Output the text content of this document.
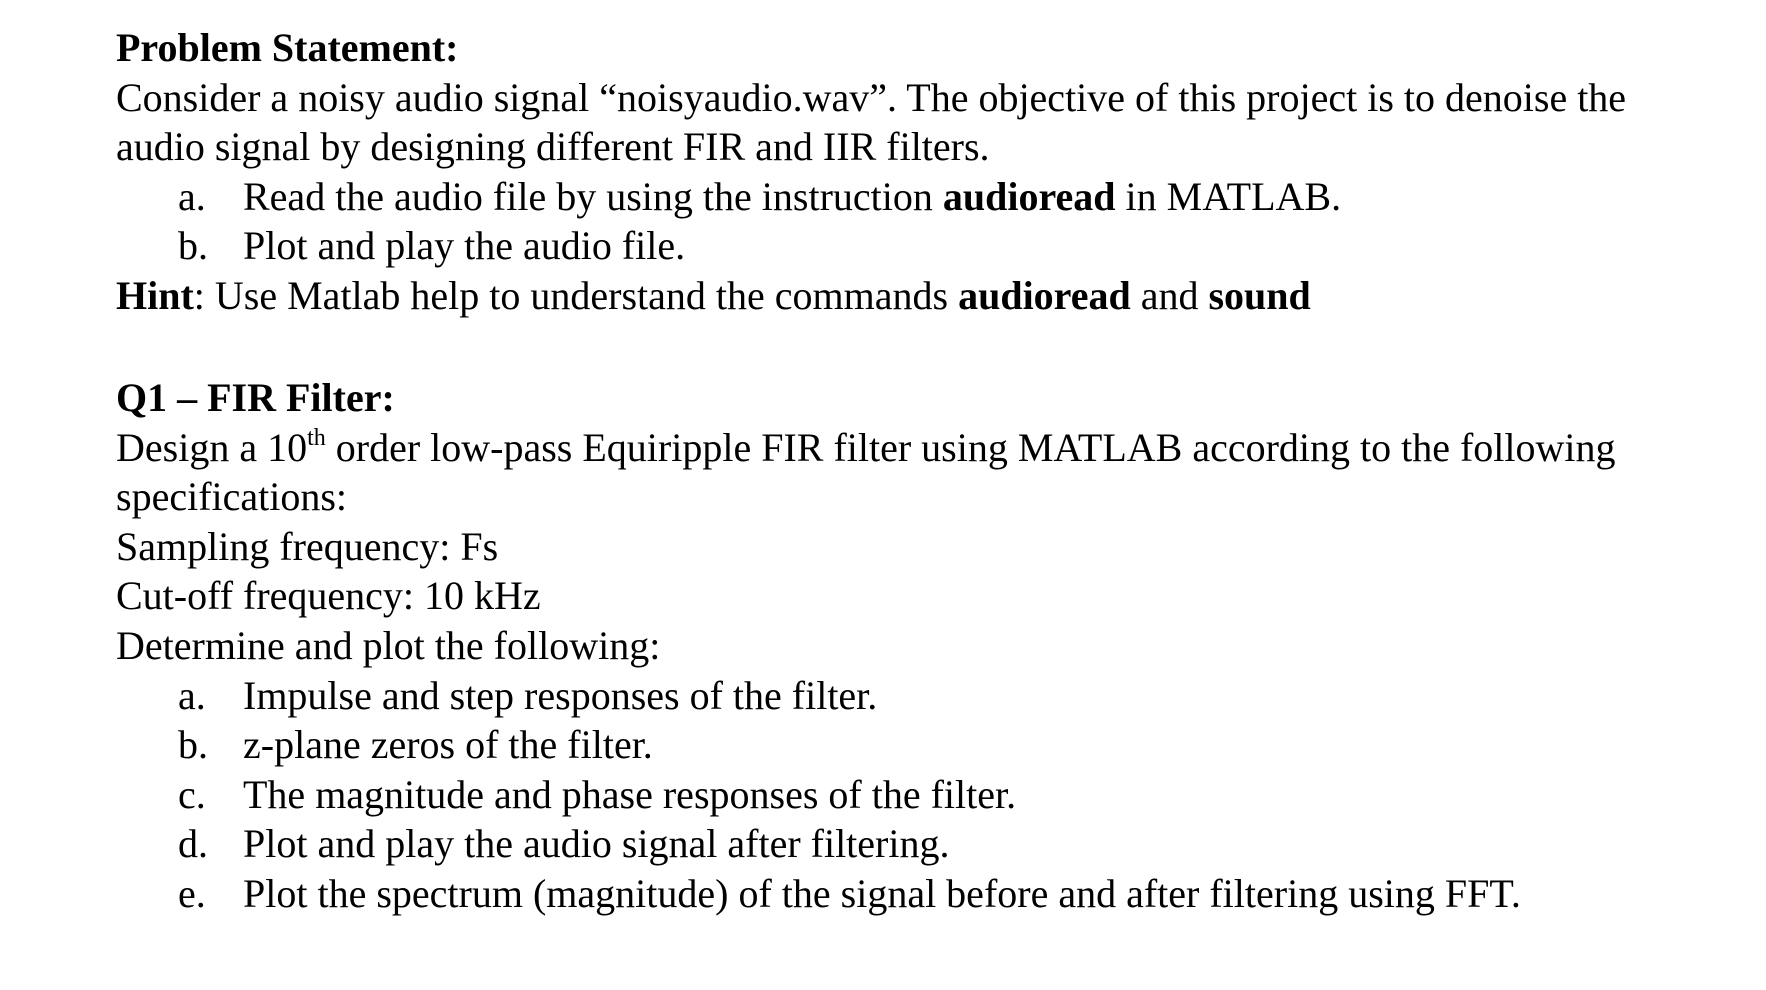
Problem Statement:
Consider a noisy audio signal “noisyaudio.wav”. The objective of this project is to denoise the
audio signal by designing different FIR and IIR filters.
a. Read the audio file by using the instruction audioread in MATLAB.
b. Plot and play the audio file.
Hint: Use Matlab help to understand the commands audioread and sound
Q1 – FIR Filter:
Design a 10th order low-pass Equiripple FIR filter using MATLAB according to the following
specifications:
Sampling frequency: Fs
Cut-off frequency: 10 kHz
Determine and plot the following:
a. Impulse and step responses of the filter.
b. z-plane zeros of the filter.
c. The magnitude and phase responses of the filter.
d. Plot and play the audio signal after filtering.
e. Plot the spectrum (magnitude) of the signal before and after filtering using FFT.
